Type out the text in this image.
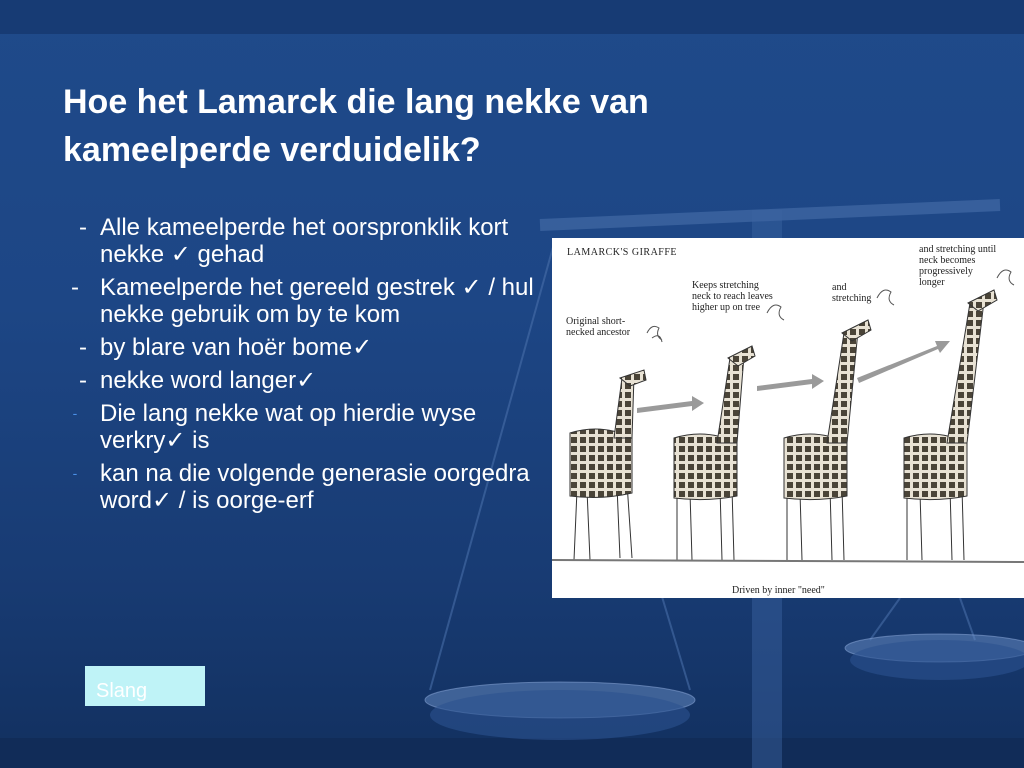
Hoe het Lamarck die lang nekke van kameelperde verduidelik?
- Alle kameelperde het oorspronklik kort nekke ✓ gehad
- Kameelperde het gereeld gestrek ✓ / hul nekke gebruik om by te kom
- by blare van hoër bome✓
- nekke word langer✓
- Die lang nekke wat op hierdie wyse verkry✓ is
- kan na die volgende generasie oorgedra word✓ / is oorge-erf
LAMARCK'S GIRAFFE
Original short-necked ancestor
Keeps stretching neck to reach leaves higher up on tree
and stretching
and stretching until neck becomes progressively longer
Driven by inner "need"
Slang
